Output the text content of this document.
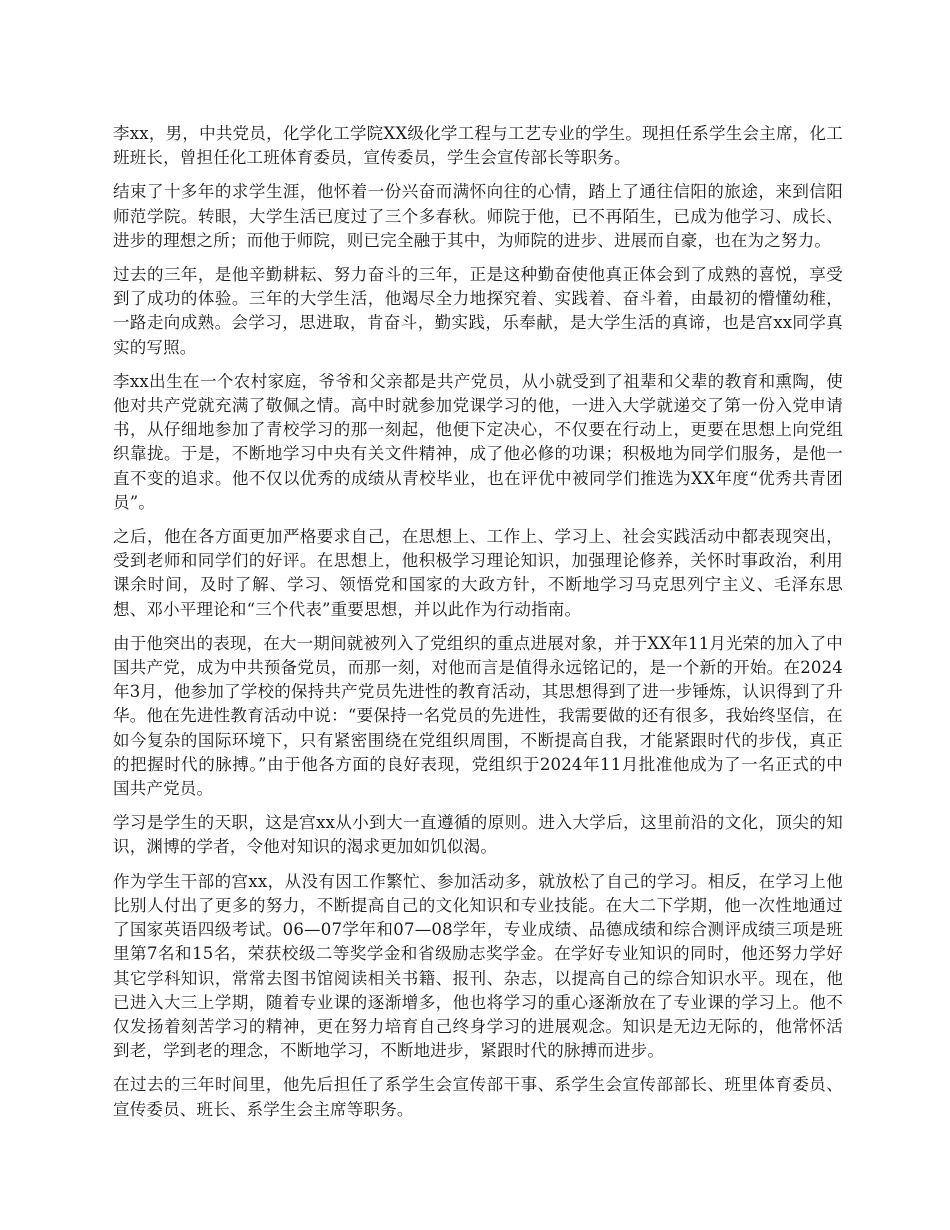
李xx，男，中共党员，化学化工学院XX级化学工程与工艺专业的学生。现担任系学生会主席，化工班班长，曾担任化工班体育委员，宣传委员，学生会宣传部长等职务。

结束了十多年的求学生涯，他怀着一份兴奋而满怀向往的心情，踏上了通往信阳的旅途，来到信阳师范学院。转眼，大学生活已度过了三个多春秋。师院于他，已不再陌生，已成为他学习、成长、进步的理想之所；而他于师院，则已完全融于其中，为师院的进步、进展而自豪，也在为之努力。

过去的三年，是他辛勤耕耘、努力奋斗的三年，正是这种勤奋使他真正体会到了成熟的喜悦，享受到了成功的体验。三年的大学生活，他竭尽全力地探究着、实践着、奋斗着，由最初的懵懂幼稚，一路走向成熟。会学习，思进取，肯奋斗，勤实践，乐奉献，是大学生活的真谛，也是宫xx同学真实的写照。

李xx出生在一个农村家庭，爷爷和父亲都是共产党员，从小就受到了祖辈和父辈的教育和熏陶，使他对共产党就充满了敬佩之情。高中时就参加党课学习的他，一进入大学就递交了第一份入党申请书，从仔细地参加了青校学习的那一刻起，他便下定决心，不仅要在行动上，更要在思想上向党组织靠拢。于是，不断地学习中央有关文件精神，成了他必修的功课；积极地为同学们服务，是他一直不变的追求。他不仅以优秀的成绩从青校毕业，也在评优中被同学们推选为XX年度“优秀共青团员”。

之后，他在各方面更加严格要求自己，在思想上、工作上、学习上、社会实践活动中都表现突出，受到老师和同学们的好评。在思想上，他积极学习理论知识，加强理论修养，关怀时事政治，利用课余时间，及时了解、学习、领悟党和国家的大政方针，不断地学习马克思列宁主义、毛泽东思想、邓小平理论和“三个代表”重要思想，并以此作为行动指南。

由于他突出的表现，在大一期间就被列入了党组织的重点进展对象，并于XX年11月光荣的加入了中国共产党，成为中共预备党员，而那一刻，对他而言是值得永远铭记的，是一个新的开始。在2024年3月，他参加了学校的保持共产党员先进性的教育活动，其思想得到了进一步锤炼，认识得到了升华。他在先进性教育活动中说：“要保持一名党员的先进性，我需要做的还有很多，我始终坚信，在如今复杂的国际环境下，只有紧密围绕在党组织周围，不断提高自我，才能紧跟时代的步伐，真正的把握时代的脉搏。”由于他各方面的良好表现，党组织于2024年11月批准他成为了一名正式的中国共产党员。

学习是学生的天职，这是宫xx从小到大一直遵循的原则。进入大学后，这里前沿的文化，顶尖的知识，渊博的学者，令他对知识的渴求更加如饥似渴。

作为学生干部的宫xx，从没有因工作繁忙、参加活动多，就放松了自己的学习。相反，在学习上他比别人付出了更多的努力，不断提高自己的文化知识和专业技能。在大二下学期，他一次性地通过了国家英语四级考试。06—07学年和07—08学年，专业成绩、品德成绩和综合测评成绩三项是班里第7名和15名，荣获校级二等奖学金和省级励志奖学金。在学好专业知识的同时，他还努力学好其它学科知识，常常去图书馆阅读相关书籍、报刊、杂志，以提高自己的综合知识水平。现在，他已进入大三上学期，随着专业课的逐渐增多，他也将学习的重心逐渐放在了专业课的学习上。他不仅发扬着刻苦学习的精神，更在努力培育自己终身学习的进展观念。知识是无边无际的，他常怀活到老，学到老的理念，不断地学习，不断地进步，紧跟时代的脉搏而进步。

在过去的三年时间里，他先后担任了系学生会宣传部干事、系学生会宣传部部长、班里体育委员、宣传委员、班长、系学生会主席等职务。
